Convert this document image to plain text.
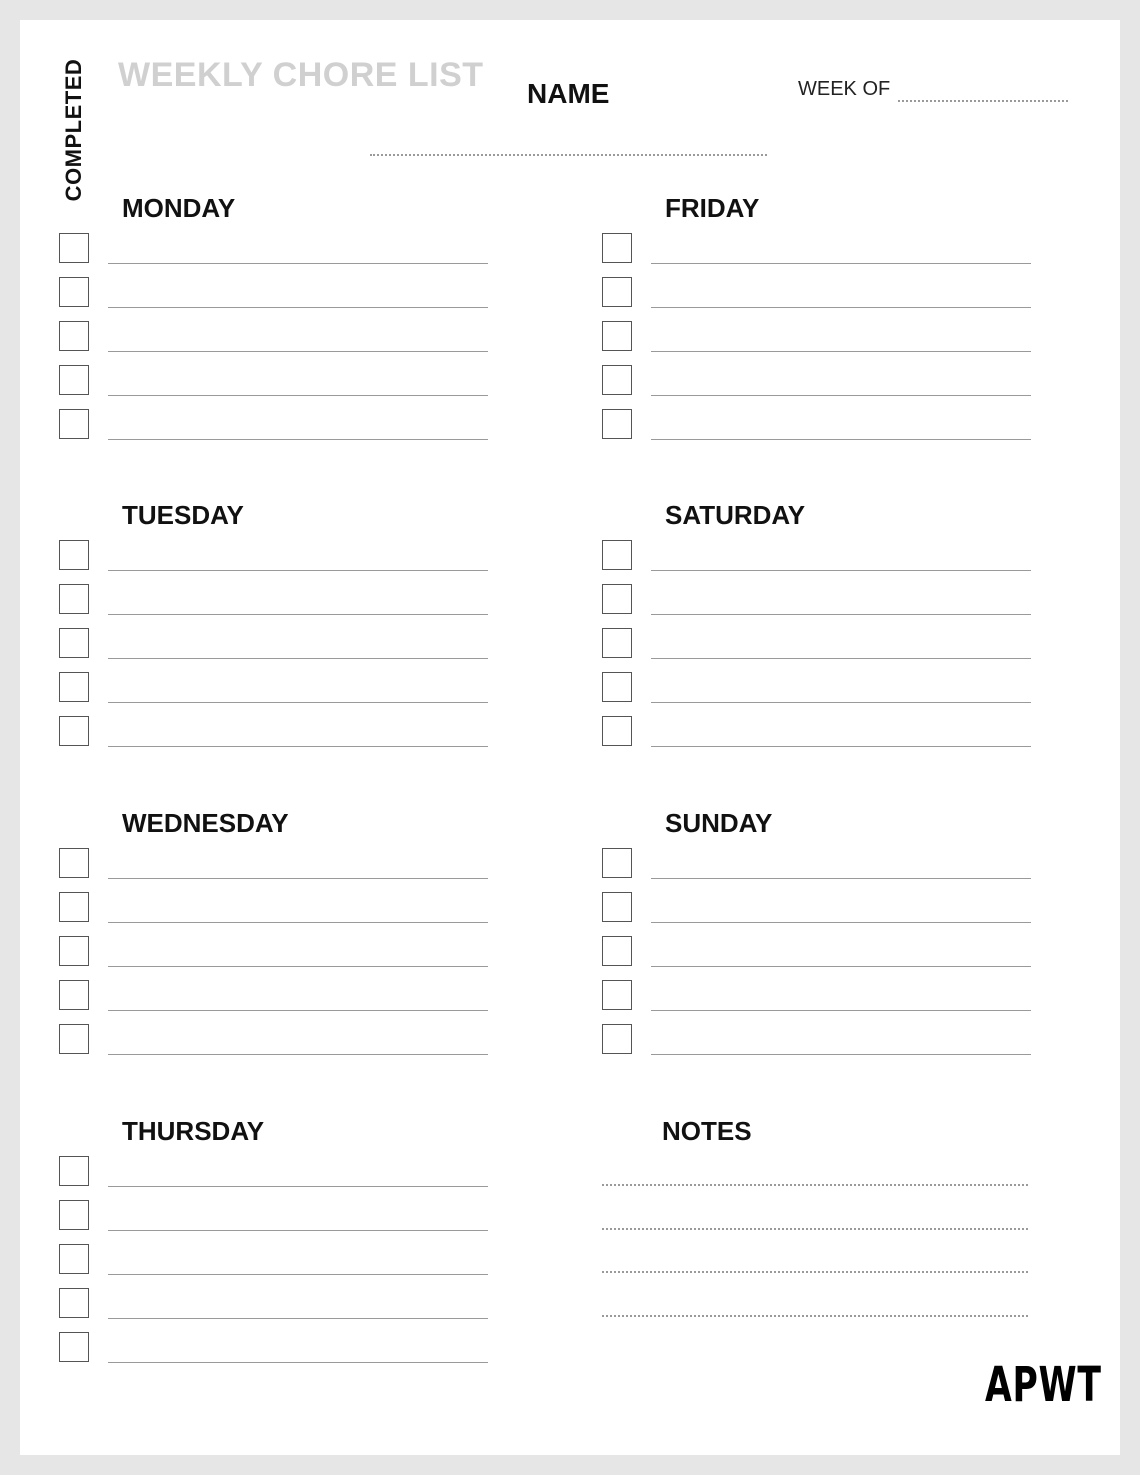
COMPLETED WEEKLY CHORE LIST NAME	WEEK OF
MONDAY
TUESDAY
WEDNESDAY
THURSDAY
FRIDAY
SATURDAY
SUNDAY
NOTES
APWT
